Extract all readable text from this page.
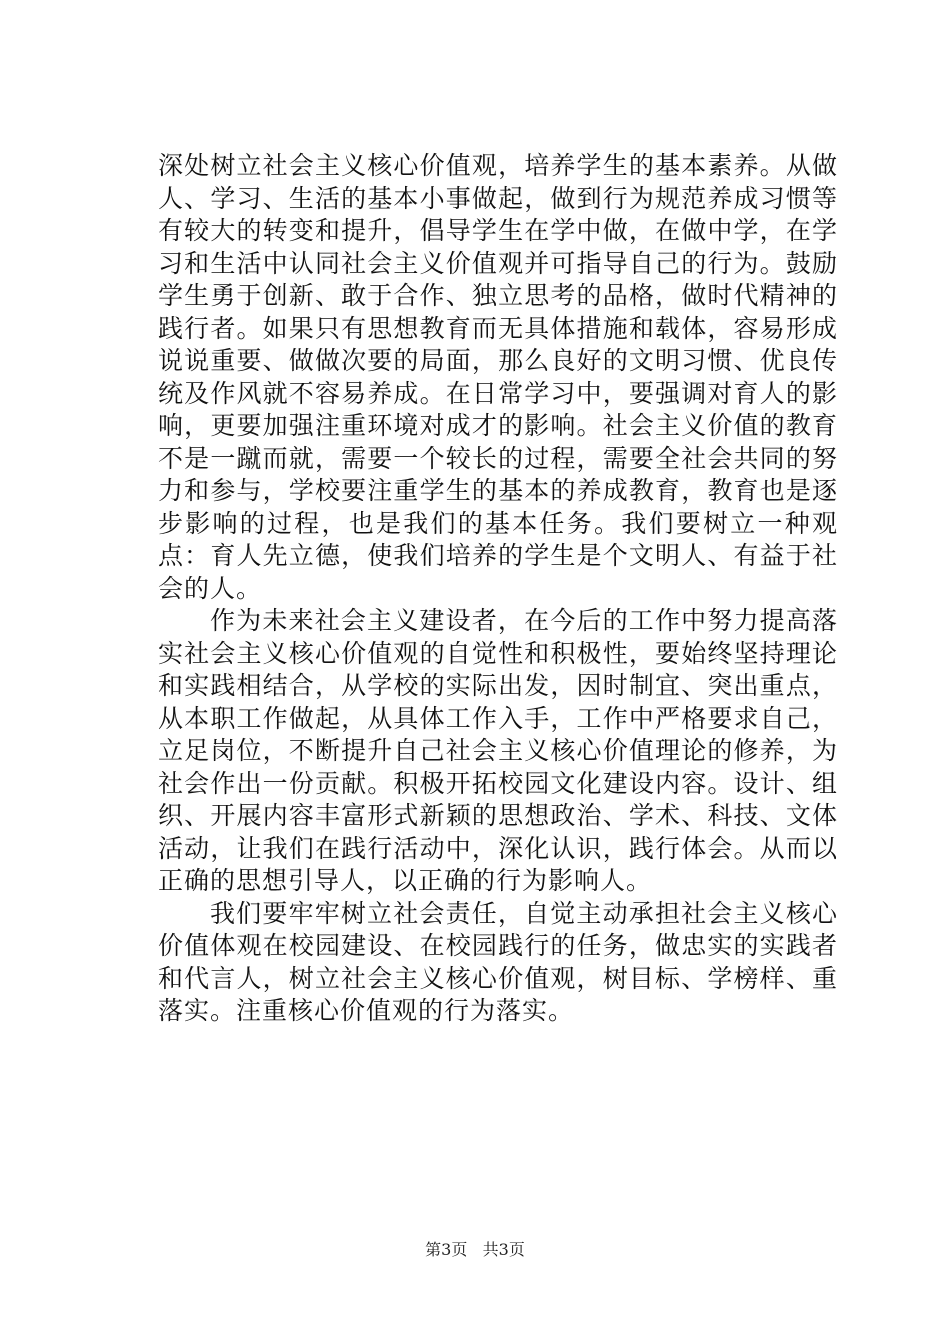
深处树立社会主义核心价值观，培养学生的基本素养。从做人、学习、生活的基本小事做起，做到行为规范养成习惯等有较大的转变和提升，倡导学生在学中做，在做中学，在学习和生活中认同社会主义价值观并可指导自己的行为。鼓励学生勇于创新、敢于合作、独立思考的品格，做时代精神的践行者。如果只有思想教育而无具体措施和载体，容易形成说说重要、做做次要的局面，那么良好的文明习惯、优良传统及作风就不容易养成。在日常学习中，要强调对育人的影响，更要加强注重环境对成才的影响。社会主义价值的教育不是一蹴而就，需要一个较长的过程，需要全社会共同的努力和参与，学校要注重学生的基本的养成教育，教育也是逐步影响的过程，也是我们的基本任务。我们要树立一种观点：育人先立德，使我们培养的学生是个文明人、有益于社会的人。

作为未来社会主义建设者，在今后的工作中努力提高落实社会主义核心价值观的自觉性和积极性，要始终坚持理论和实践相结合，从学校的实际出发，因时制宜、突出重点，从本职工作做起，从具体工作入手，工作中严格要求自己，立足岗位，不断提升自己社会主义核心价值理论的修养，为社会作出一份贡献。积极开拓校园文化建设内容。设计、组织、开展内容丰富形式新颖的思想政治、学术、科技、文体活动，让我们在践行活动中，深化认识，践行体会。从而以正确的思想引导人，以正确的行为影响人。

我们要牢牢树立社会责任，自觉主动承担社会主义核心价值体观在校园建设、在校园践行的任务，做忠实的实践者和代言人，树立社会主义核心价值观，树目标、学榜样、重落实。注重核心价值观的行为落实。

第3页 共3页
